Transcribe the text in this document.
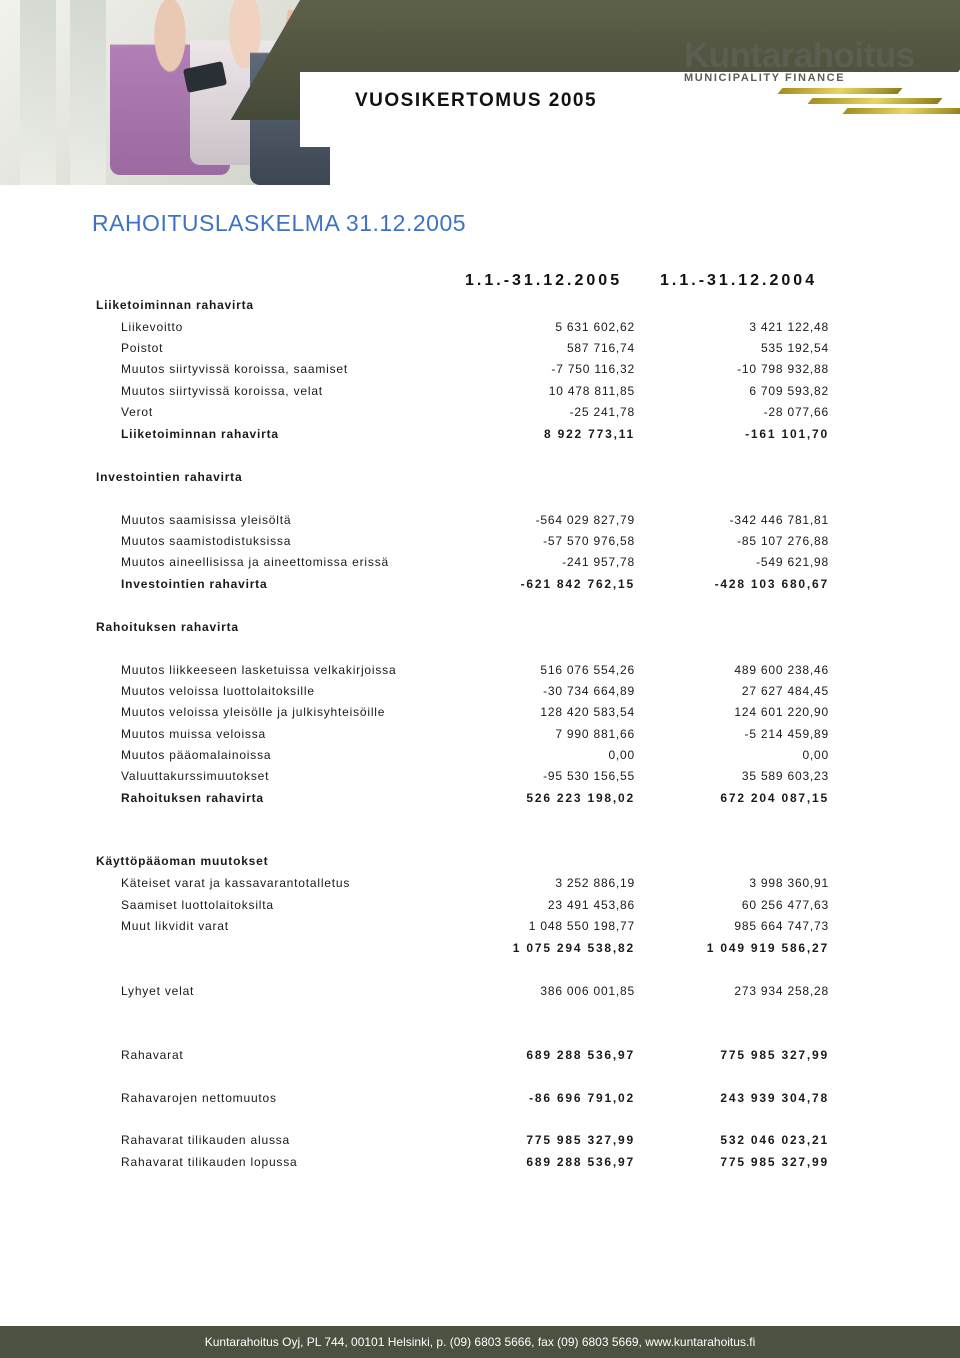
VUOSIKERTOMUS 2005
Kuntarahoitus
MUNICIPALITY FINANCE
RAHOITUSLASKELMA 31.12.2005
1.1.-31.12.2005 1.1.-31.12.2004
Liiketoiminnan rahavirta
Liikevoitto	5 631 602,62	3 421 122,48
Poistot	587 716,74	535 192,54
Muutos siirtyvissä koroissa, saamiset	-7 750 116,32	-10 798 932,88
Muutos siirtyvissä koroissa, velat	10 478 811,85	6 709 593,82
Verot	-25 241,78	-28 077,66
Liiketoiminnan rahavirta	8 922 773,11	-161 101,70
Investointien rahavirta
Muutos saamisissa yleisöltä	-564 029 827,79	-342 446 781,81
Muutos saamistodistuksissa	-57 570 976,58	-85 107 276,88
Muutos aineellisissa ja aineettomissa erissä	-241 957,78	-549 621,98
Investointien rahavirta	-621 842 762,15	-428 103 680,67
Rahoituksen rahavirta
Muutos liikkeeseen lasketuissa velkakirjoissa	516 076 554,26	489 600 238,46
Muutos veloissa luottolaitoksille	-30 734 664,89	27 627 484,45
Muutos veloissa yleisölle ja julkisyhteisöille	128 420 583,54	124 601 220,90
Muutos muissa veloissa	7 990 881,66	-5 214 459,89
Muutos pääomalainoissa	0,00	0,00
Valuuttakurssimuutokset	-95 530 156,55	35 589 603,23
Rahoituksen rahavirta	526 223 198,02	672 204 087,15
Käyttöpääoman muutokset
Käteiset varat ja kassavarantotalletus	3 252 886,19	3 998 360,91
Saamiset luottolaitoksilta	23 491 453,86	60 256 477,63
Muut likvidit varat	1 048 550 198,77	985 664 747,73
1 075 294 538,82	1 049 919 586,27
Lyhyet velat	386 006 001,85	273 934 258,28
Rahavarat	689 288 536,97	775 985 327,99
Rahavarojen nettomuutos	-86 696 791,02	243 939 304,78
Rahavarat tilikauden alussa	775 985 327,99	532 046 023,21
Rahavarat tilikauden lopussa	689 288 536,97	775 985 327,99
Kuntarahoitus Oyj, PL 744, 00101 Helsinki, p. (09) 6803 5666, fax (09) 6803 5669, www.kuntarahoitus.fi
